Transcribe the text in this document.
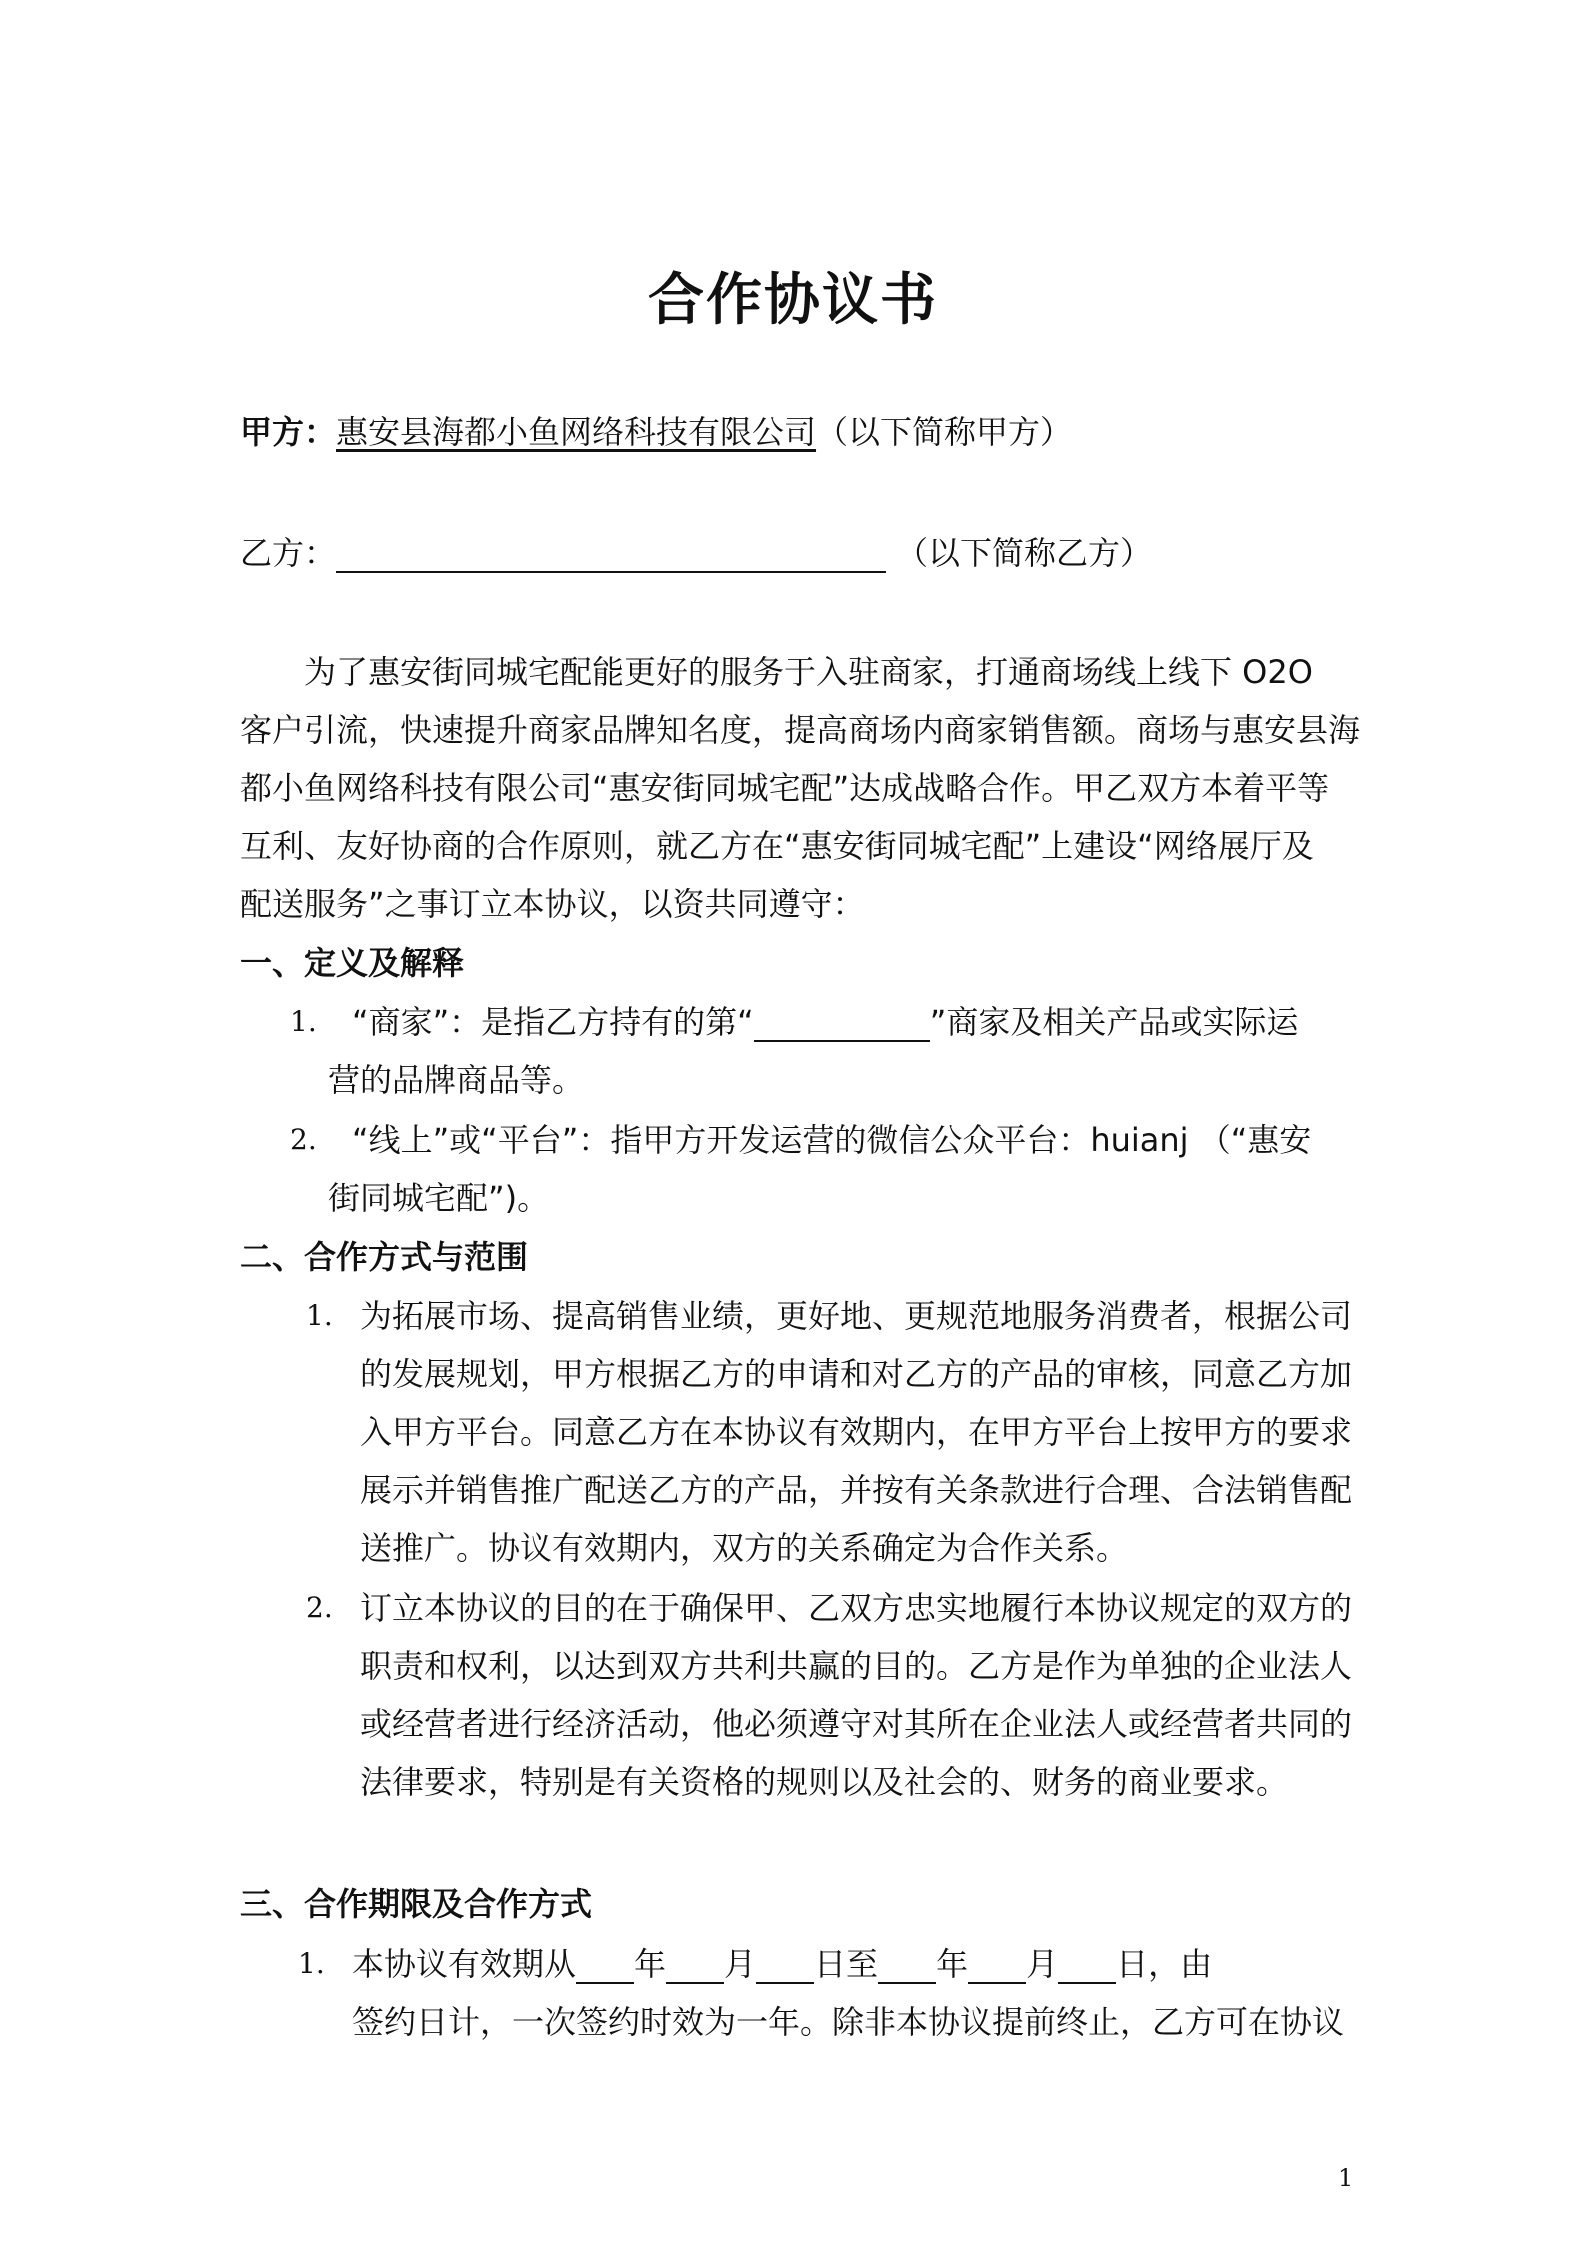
合作协议书
甲方：惠安县海都小鱼网络科技有限公司（以下简称甲方）
乙方：	（以下简称乙方）
为了惠安街同城宅配能更好的服务于入驻商家，打通商场线上线下 O2O
客户引流，快速提升商家品牌知名度，提高商场内商家销售额。商场与惠安县海
都小鱼网络科技有限公司“惠安街同城宅配”达成战略合作。甲乙双方本着平等
互利、友好协商的合作原则，就乙方在“惠安街同城宅配”上建设“网络展厅及
配送服务”之事订立本协议，以资共同遵守：
一、定义及解释
1. “商家”：是指乙方持有的第“	”商家及相关产品或实际运
营的品牌商品等。
2. “线上”或“平台”：指甲方开发运营的微信公众平台：huianj （“惠安
街同城宅配”)。
二、合作方式与范围
1. 为拓展市场、提高销售业绩，更好地、更规范地服务消费者，根据公司
的发展规划，甲方根据乙方的申请和对乙方的产品的审核，同意乙方加
入甲方平台。同意乙方在本协议有效期内，在甲方平台上按甲方的要求
展示并销售推广配送乙方的产品，并按有关条款进行合理、合法销售配
送推广。协议有效期内，双方的关系确定为合作关系。
2. 订立本协议的目的在于确保甲、乙双方忠实地履行本协议规定的双方的
职责和权利，以达到双方共利共赢的目的。乙方是作为单独的企业法人
或经营者进行经济活动，他必须遵守对其所在企业法人或经营者共同的
法律要求，特别是有关资格的规则以及社会的、财务的商业要求。
三、合作期限及合作方式
1. 本协议有效期从 年 月 日至 年 月 日，由
签约日计，一次签约时效为一年。除非本协议提前终止，乙方可在协议
1
